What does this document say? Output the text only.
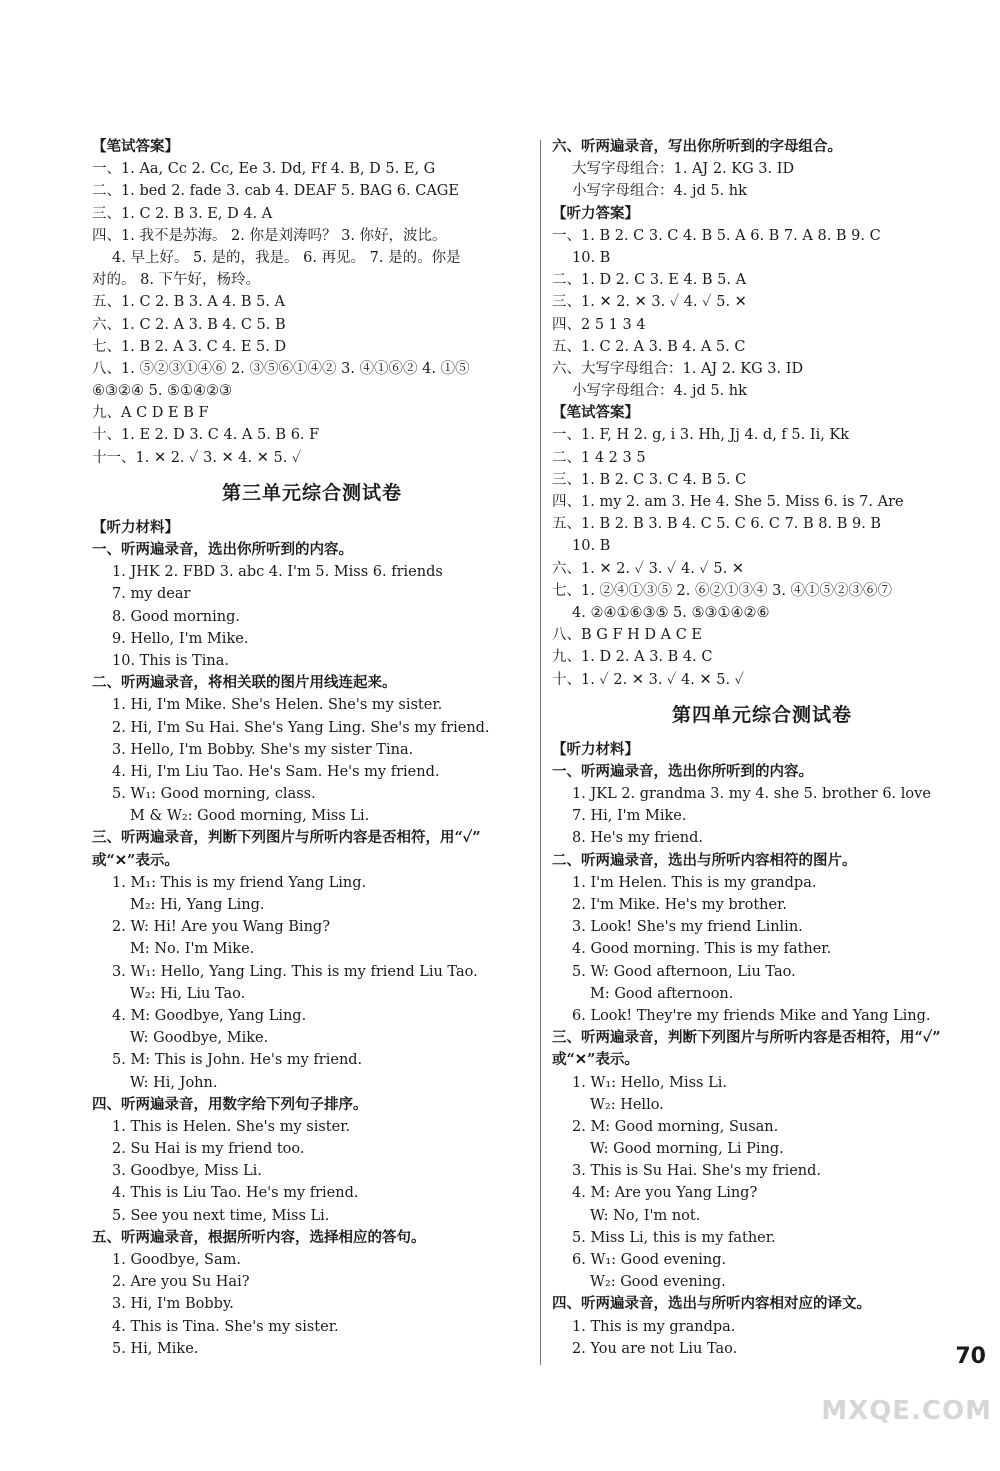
【笔试答案】
一、1. Aa, Cc 2. Cc, Ee 3. Dd, Ff 4. B, D 5. E, G
二、1. bed 2. fade 3. cab 4. DEAF 5. BAG 6. CAGE
三、1. C 2. B 3. E, D 4. A
四、1. 我不是苏海。 2. 你是刘涛吗？ 3. 你好，波比。
4. 早上好。 5. 是的，我是。 6. 再见。 7. 是的。你是
对的。 8. 下午好，杨玲。
五、1. C 2. B 3. A 4. B 5. A
六、1. C 2. A 3. B 4. C 5. B
七、1. B 2. A 3. C 4. E 5. D
八、1. ⑤②③①④⑥ 2. ③⑤⑥①④② 3. ④①⑥② 4. ①⑤
⑥③②④ 5. ⑤①④②③
九、A C D E B F
十、1. E 2. D 3. C 4. A 5. B 6. F
十一、1. ✕ 2. ✓ 3. ✕ 4. ✕ 5. ✓
第三单元综合测试卷
【听力材料】
一、听两遍录音，选出你所听到的内容。
1. JHK 2. FBD 3. abc 4. I'm 5. Miss 6. friends
7. my dear
8. Good morning.
9. Hello, I'm Mike.
10. This is Tina.
二、听两遍录音，将相关联的图片用线连起来。
1. Hi, I'm Mike. She's Helen. She's my sister.
2. Hi, I'm Su Hai. She's Yang Ling. She's my friend.
3. Hello, I'm Bobby. She's my sister Tina.
4. Hi, I'm Liu Tao. He's Sam. He's my friend.
5. W₁: Good morning, class.
M & W₂: Good morning, Miss Li.
三、听两遍录音，判断下列图片与所听内容是否相符，用“✓”
或“✕”表示。
1. M₁: This is my friend Yang Ling.
M₂: Hi, Yang Ling.
2. W: Hi! Are you Wang Bing?
M: No. I'm Mike.
3. W₁: Hello, Yang Ling. This is my friend Liu Tao.
W₂: Hi, Liu Tao.
4. M: Goodbye, Yang Ling.
W: Goodbye, Mike.
5. M: This is John. He's my friend.
W: Hi, John.
四、听两遍录音，用数字给下列句子排序。
1. This is Helen. She's my sister.
2. Su Hai is my friend too.
3. Goodbye, Miss Li.
4. This is Liu Tao. He's my friend.
5. See you next time, Miss Li.
五、听两遍录音，根据所听内容，选择相应的答句。
1. Goodbye, Sam.
2. Are you Su Hai?
3. Hi, I'm Bobby.
4. This is Tina. She's my sister.
5. Hi, Mike.
六、听两遍录音，写出你所听到的字母组合。
大写字母组合：1. AJ 2. KG 3. ID
小写字母组合：4. jd 5. hk
【听力答案】
一、1. B 2. C 3. C 4. B 5. A 6. B 7. A 8. B 9. C
10. B
二、1. D 2. C 3. E 4. B 5. A
三、1. ✕ 2. ✕ 3. ✓ 4. ✓ 5. ✕
四、2 5 1 3 4
五、1. C 2. A 3. B 4. A 5. C
六、大写字母组合：1. AJ 2. KG 3. ID
小写字母组合：4. jd 5. hk
【笔试答案】
一、1. F, H 2. g, i 3. Hh, Jj 4. d, f 5. Ii, Kk
二、1 4 2 3 5
三、1. B 2. C 3. C 4. B 5. C
四、1. my 2. am 3. He 4. She 5. Miss 6. is 7. Are
五、1. B 2. B 3. B 4. C 5. C 6. C 7. B 8. B 9. B
10. B
六、1. ✕ 2. ✓ 3. ✓ 4. ✓ 5. ✕
七、1. ②④①③⑤ 2. ⑥②①③④ 3. ④①⑤②③⑥⑦
4. ②④①⑥③⑤ 5. ⑤③①④②⑥
八、B G F H D A C E
九、1. D 2. A 3. B 4. C
十、1. ✓ 2. ✕ 3. ✓ 4. ✕ 5. ✓
第四单元综合测试卷
【听力材料】
一、听两遍录音，选出你所听到的内容。
1. JKL 2. grandma 3. my 4. she 5. brother 6. love
7. Hi, I'm Mike.
8. He's my friend.
二、听两遍录音，选出与所听内容相符的图片。
1. I'm Helen. This is my grandpa.
2. I'm Mike. He's my brother.
3. Look! She's my friend Linlin.
4. Good morning. This is my father.
5. W: Good afternoon, Liu Tao.
M: Good afternoon.
6. Look! They're my friends Mike and Yang Ling.
三、听两遍录音，判断下列图片与所听内容是否相符，用“✓”
或“✕”表示。
1. W₁: Hello, Miss Li.
W₂: Hello.
2. M: Good morning, Susan.
W: Good morning, Li Ping.
3. This is Su Hai. She's my friend.
4. M: Are you Yang Ling?
W: No, I'm not.
5. Miss Li, this is my father.
6. W₁: Good evening.
W₂: Good evening.
四、听两遍录音，选出与所听内容相对应的译文。
1. This is my grandpa.
2. You are not Liu Tao.	70
MXQE.COM
